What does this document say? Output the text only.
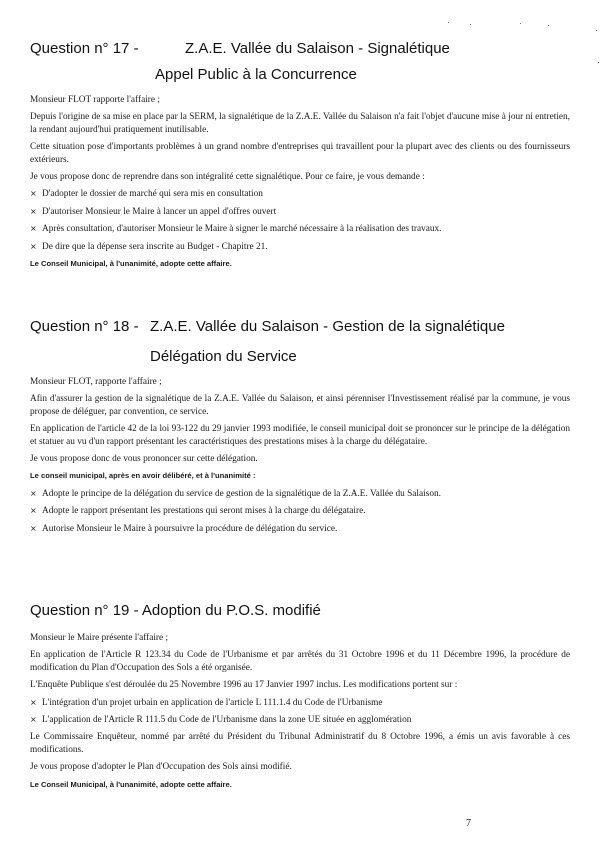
Question n° 17 -	Z.A.E. Vallée du Salaison - Signalétique
Appel Public à la Concurrence

Monsieur FLOT rapporte l'affaire ;

Depuis l'origine de sa mise en place par la SERM, la signalétique de la Z.A.E. Vallée du Salaison n'a fait l'objet d'aucune mise à jour ni entretien, la rendant aujourd'hui pratiquement inutilisable.

Cette situation pose d'importants problèmes à un grand nombre d'entreprises qui travaillent pour la plupart avec des clients ou des fournisseurs extérieurs.

Je vous propose donc de reprendre dans son intégralité cette signalétique. Pour ce faire, je vous demande :

× D'adopter le dossier de marché qui sera mis en consultation
× D'autoriser Monsieur le Maire à lancer un appel d'offres ouvert
× Après consultation, d'autoriser Monsieur le Maire à signer le marché nécessaire à la réalisation des travaux.
× De dire que la dépense sera inscrite au Budget - Chapitre 21.
Le Conseil Municipal, à l'unanimité, adopte cette affaire.
Question n° 18 - Z.A.E. Vallée du Salaison - Gestion de la signalétique
Délégation du Service

Monsieur FLOT, rapporte l'affaire ;

Afin d'assurer la gestion de la signalétique de la Z.A.E. Vallée du Salaison, et ainsi pérenniser l'Investissement réalisé par la commune, je vous propose de déléguer, par convention, ce service.

En application de l'article 42 de la loi 93-122 du 29 janvier 1993 modifiée, le conseil municipal doit se prononcer sur le principe de la délégation et statuer au vu d'un rapport présentant les caractéristiques des prestations mises à la charge du délégataire.

Je vous propose donc de vous prononcer sur cette délégation.

Le conseil municipal, après en avoir délibéré, et à l'unanimité :
× Adopte le principe de la délégation du service de gestion de la signalétique de la Z.A.E. Vallée du Salaison.
× Adopte le rapport présentant les prestations qui seront mises à la charge du délégataire.
× Autorise Monsieur le Maire à poursuivre la procédure de délégation du service.
Question n° 19 - Adoption du P.O.S. modifié

Monsieur le Maire présente l'affaire ;

En application de l'Article R 123.34 du Code de l'Urbanisme et par arrêtés du 31 Octobre 1996 et du 11 Décembre 1996, la procédure de modification du Plan d'Occupation des Sols a été organisée.

L'Enquête Publique s'est déroulée du 25 Novembre 1996 au 17 Janvier 1997 inclus. Les modifications portent sur :

× L'intégration d'un projet urbain en application de l'article L 111.1.4 du Code de l'Urbanisme
× L'application de l'Article R 111.5 du Code de l'Urbanisme dans la zone UE située en agglomération

Le Commissaire Enquêteur, nommé par arrêté du Président du Tribunal Administratif du 8 Octobre 1996, a émis un avis favorable à ces modifications.

Je vous propose d'adopter le Plan d'Occupation des Sols ainsi modifié.

Le Conseil Municipal, à l'unanimité, adopte cette affaire.
7
